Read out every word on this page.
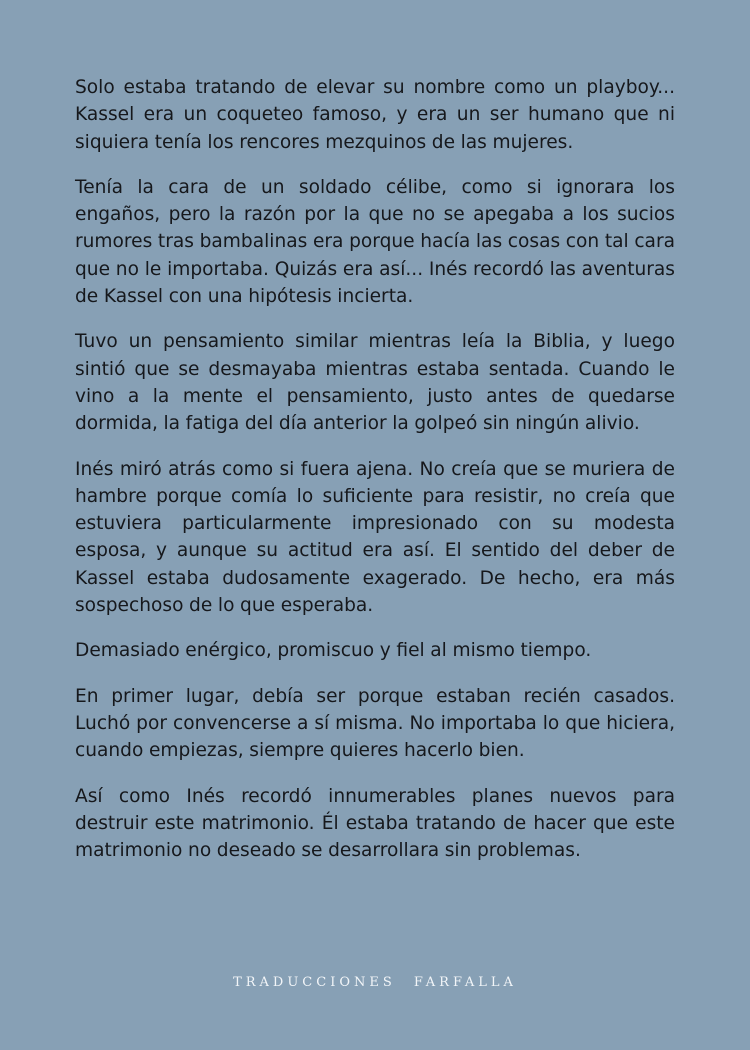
Solo estaba tratando de elevar su nombre como un playboy... Kassel era un coqueteo famoso, y era un ser humano que ni siquiera tenía los rencores mezquinos de las mujeres.

Tenía la cara de un soldado célibe, como si ignorara los engaños, pero la razón por la que no se apegaba a los sucios rumores tras bambalinas era porque hacía las cosas con tal cara que no le importaba. Quizás era así... Inés recordó las aventuras de Kassel con una hipótesis incierta.

Tuvo un pensamiento similar mientras leía la Biblia, y luego sintió que se desmayaba mientras estaba sentada. Cuando le vino a la mente el pensamiento, justo antes de quedarse dormida, la fatiga del día anterior la golpeó sin ningún alivio.

Inés miró atrás como si fuera ajena. No creía que se muriera de hambre porque comía lo suficiente para resistir, no creía que estuviera particularmente impresionado con su modesta esposa, y aunque su actitud era así. El sentido del deber de Kassel estaba dudosamente exagerado. De hecho, era más sospechoso de lo que esperaba.

Demasiado enérgico, promiscuo y fiel al mismo tiempo.

En primer lugar, debía ser porque estaban recién casados. Luchó por convencerse a sí misma. No importaba lo que hiciera, cuando empiezas, siempre quieres hacerlo bien.

Así como Inés recordó innumerables planes nuevos para destruir este matrimonio. Él estaba tratando de hacer que este matrimonio no deseado se desarrollara sin problemas.

TRADUCCIONES FARFALLA
